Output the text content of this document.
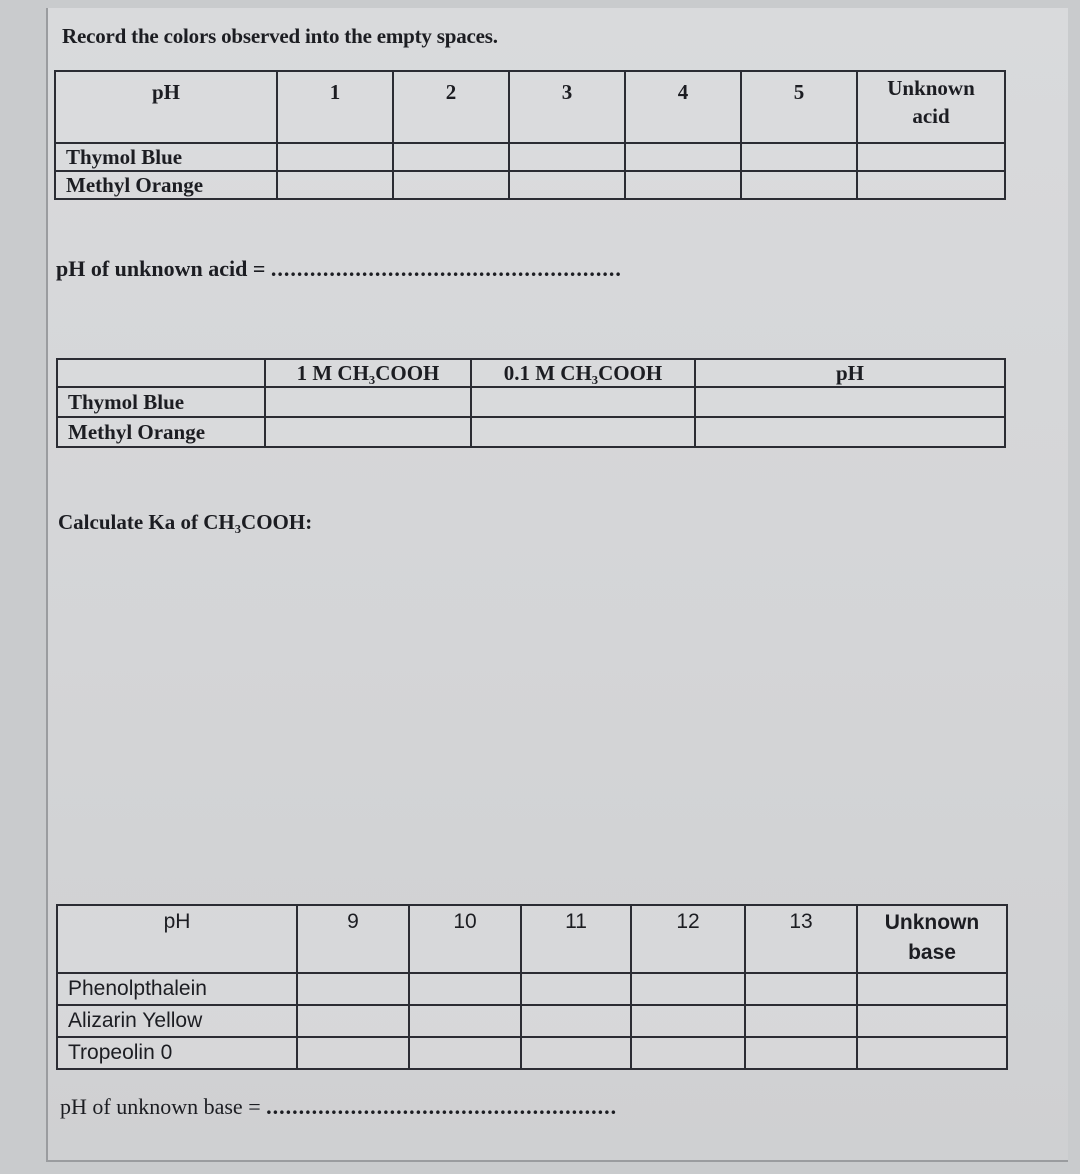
Record the colors observed into the empty spaces.
pH	1	2	3	4	5	Unknown
acid
Thymol Blue						
Methyl Orange						
pH of unknown acid = ......................................................
	1 M CH₃COOH	0.1 M CH₃COOH	pH
Thymol Blue			
Methyl Orange			
Calculate Ka of CH₃COOH:
pH	9	10	11	12	13	Unknown
base
Phenolpthalein						
Alizarin Yellow						
Tropeolin 0						
pH of unknown base = ......................................................
